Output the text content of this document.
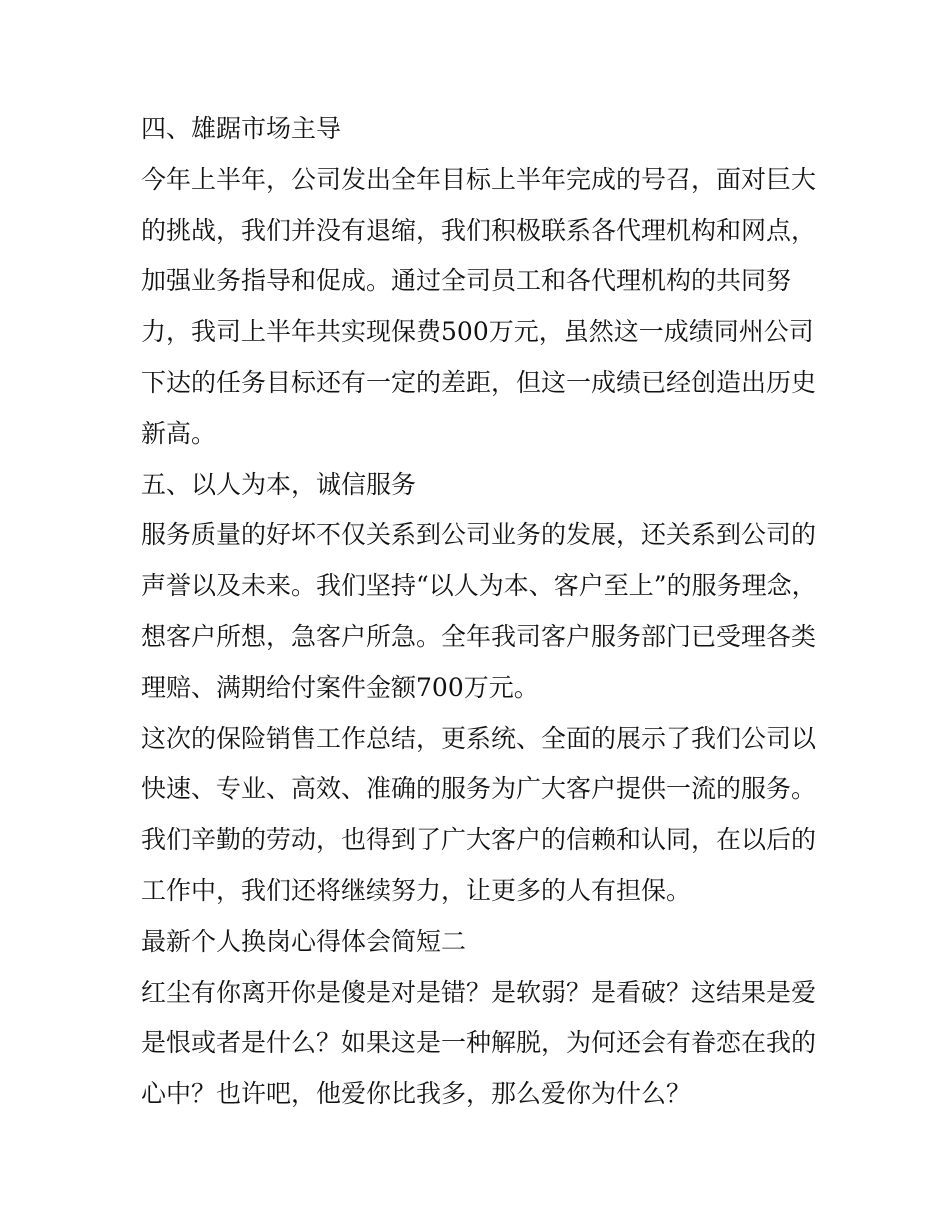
四、雄踞市场主导
今年上半年，公司发出全年目标上半年完成的号召，面对巨大
的挑战，我们并没有退缩，我们积极联系各代理机构和网点，
加强业务指导和促成。通过全司员工和各代理机构的共同努
力，我司上半年共实现保费500万元，虽然这一成绩同州公司
下达的任务目标还有一定的差距，但这一成绩已经创造出历史
新高。
五、以人为本，诚信服务
服务质量的好坏不仅关系到公司业务的发展，还关系到公司的
声誉以及未来。我们坚持“以人为本、客户至上”的服务理念，
想客户所想，急客户所急。全年我司客户服务部门已受理各类
理赔、满期给付案件金额700万元。
这次的保险销售工作总结，更系统、全面的展示了我们公司以
快速、专业、高效、准确的服务为广大客户提供一流的服务。
我们辛勤的劳动，也得到了广大客户的信赖和认同，在以后的
工作中，我们还将继续努力，让更多的人有担保。
最新个人换岗心得体会简短二
红尘有你离开你是傻是对是错？是软弱？是看破？这结果是爱
是恨或者是什么？如果这是一种解脱，为何还会有眷恋在我的
心中？也许吧，他爱你比我多，那么爱你为什么？
